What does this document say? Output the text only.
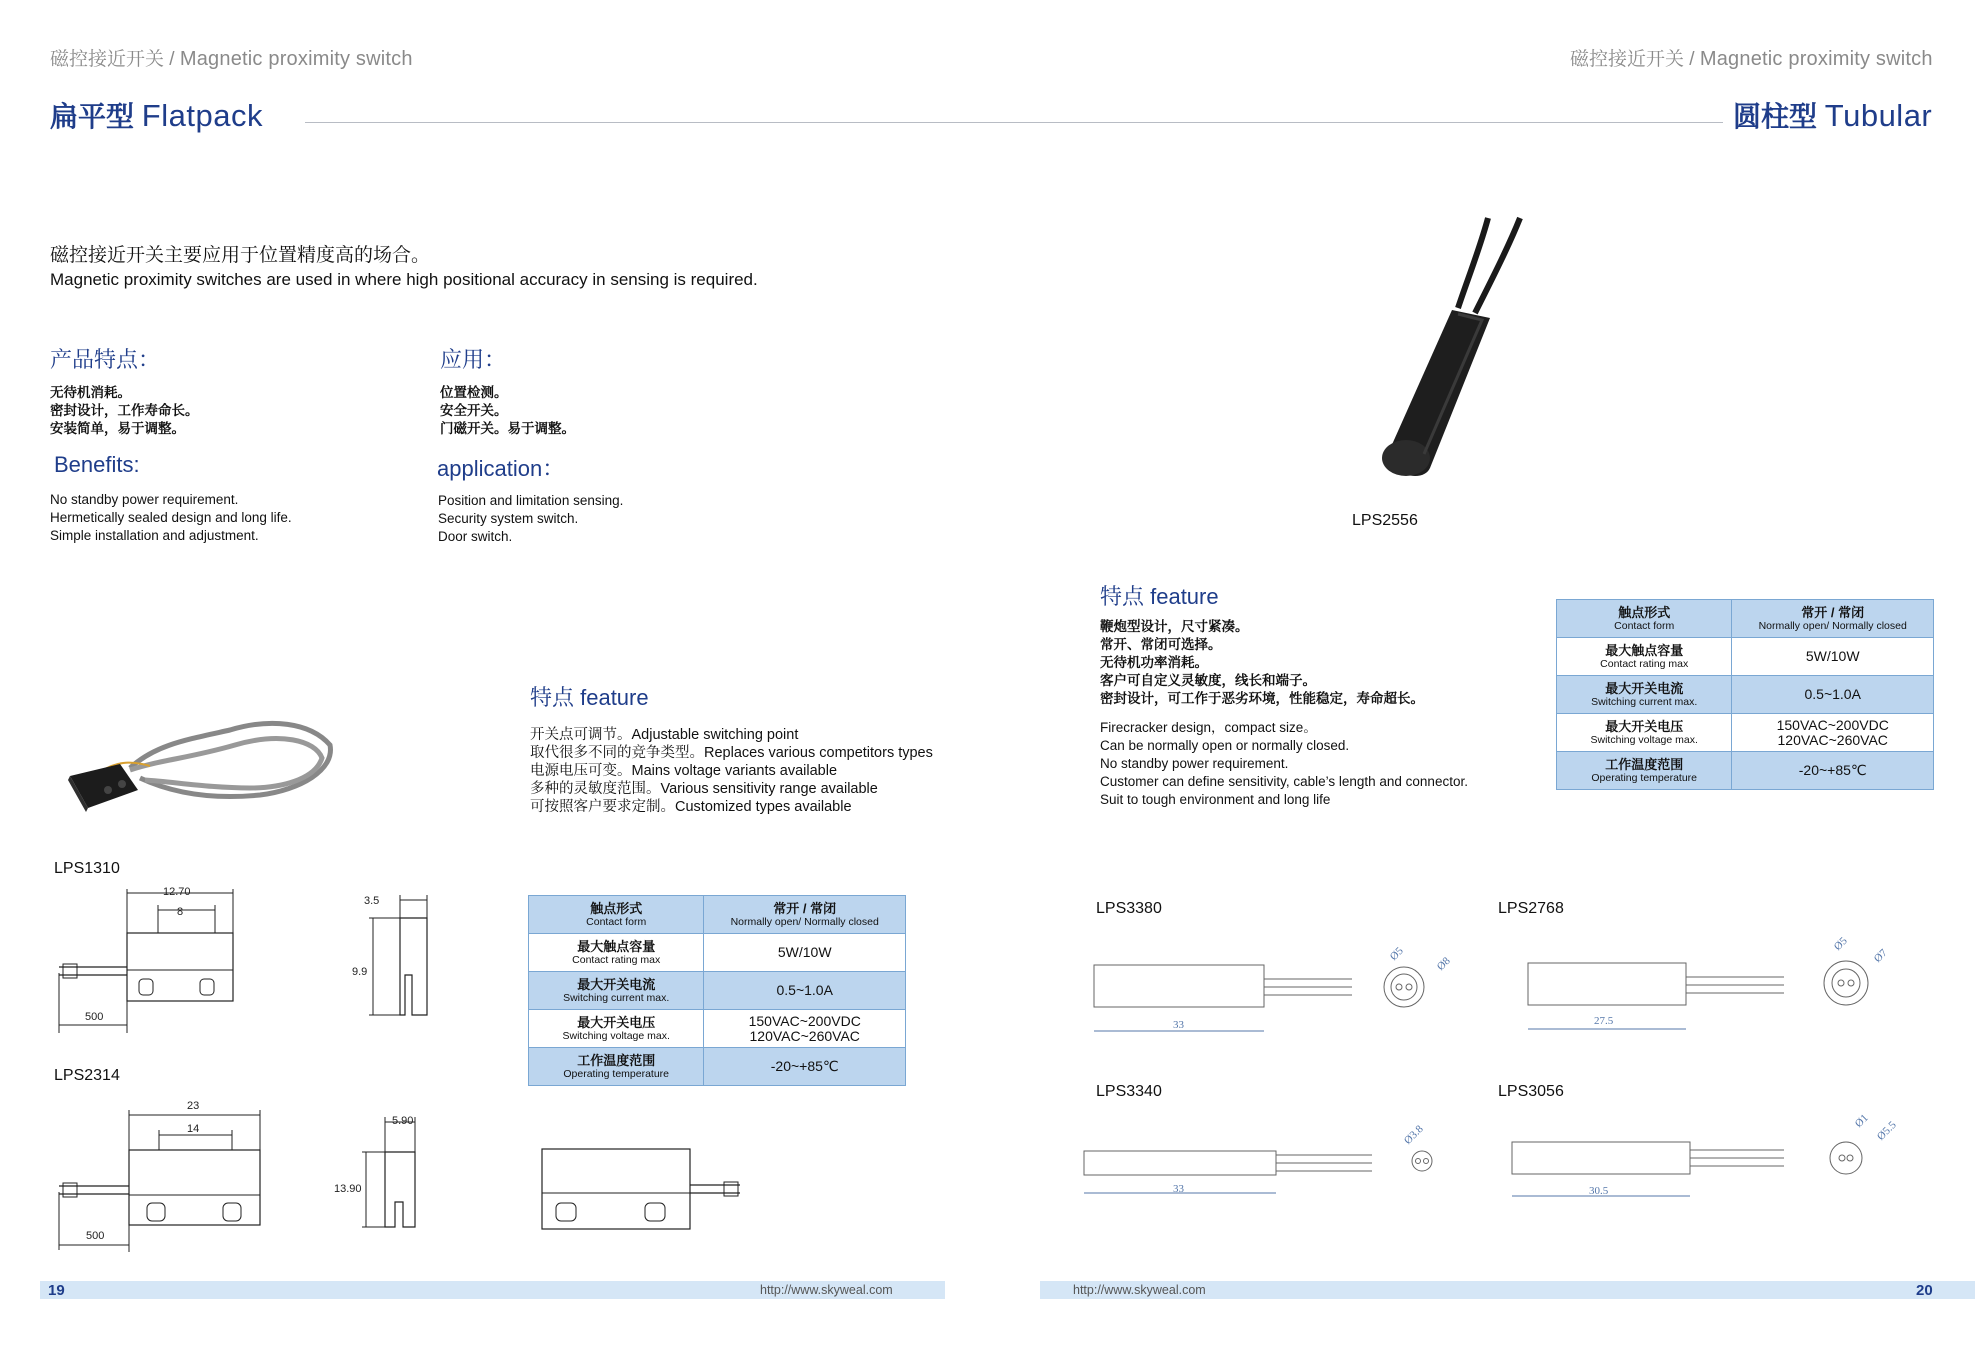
磁控接近开关 / Magnetic proximity switch
扁平型 Flatpack
磁控接近开关主要应用于位置精度高的场合。
Magnetic proximity switches are used in where high positional accuracy in sensing is required.
产品特点：
无待机消耗。
密封设计，工作寿命长。
安装简单，易于调整。
Benefits:
No standby power requirement.
Hermetically sealed design and long life.
Simple installation and adjustment.
应用：
位置检测。
安全开关。
门磁开关。易于调整。
application：
Position and limitation sensing.
Security system switch.
Door switch.
特点 feature
开关点可调节。Adjustable switching point
取代很多不同的竞争类型。Replaces various competitors types
电源电压可变。Mains voltage variants available
多种的灵敏度范围。Various sensitivity range available
可按照客户要求定制。Customized types available
LPS1310
12.70
8
500
3.5
9.9
LPS2314
23
14
500
5.90
13.90
触点形式
Contact form	常开 / 常闭
Normally open/ Normally closed

最大触点容量
Contact rating max	5W/10W

最大开关电流
Switching current max.	0.5~1.0A

最大开关电压
Switching voltage max.	150VAC~200VDC
120VAC~260VAC

工作温度范围
Operating temperature	-20~+85℃
19	http://www.skyweal.com
磁控接近开关 / Magnetic proximity switch
圆柱型 Tubular
LPS2556
特点 feature
鞭炮型设计，尺寸紧凑。
常开、常闭可选择。
无待机功率消耗。
客户可自定义灵敏度，线长和端子。
密封设计，可工作于恶劣环境，性能稳定，寿命超长。
Firecracker design，compact size。
Can be normally open or normally closed.
No standby power requirement.
Customer can define sensitivity, cable’s length and connector.
Suit to tough environment and long life
触点形式
Contact form	常开 / 常闭
Normally open/ Normally closed

最大触点容量
Contact rating max	5W/10W

最大开关电流
Switching current max.	0.5~1.0A

最大开关电压
Switching voltage max.	150VAC~200VDC
120VAC~260VAC

工作温度范围
Operating temperature	-20~+85℃
LPS3380
33
Ø5
Ø8
LPS2768
27.5
Ø5
Ø7
LPS3340
33
Ø3.8
LPS3056
30.5
Ø1 Ø5.5
http://www.skyweal.com	20
